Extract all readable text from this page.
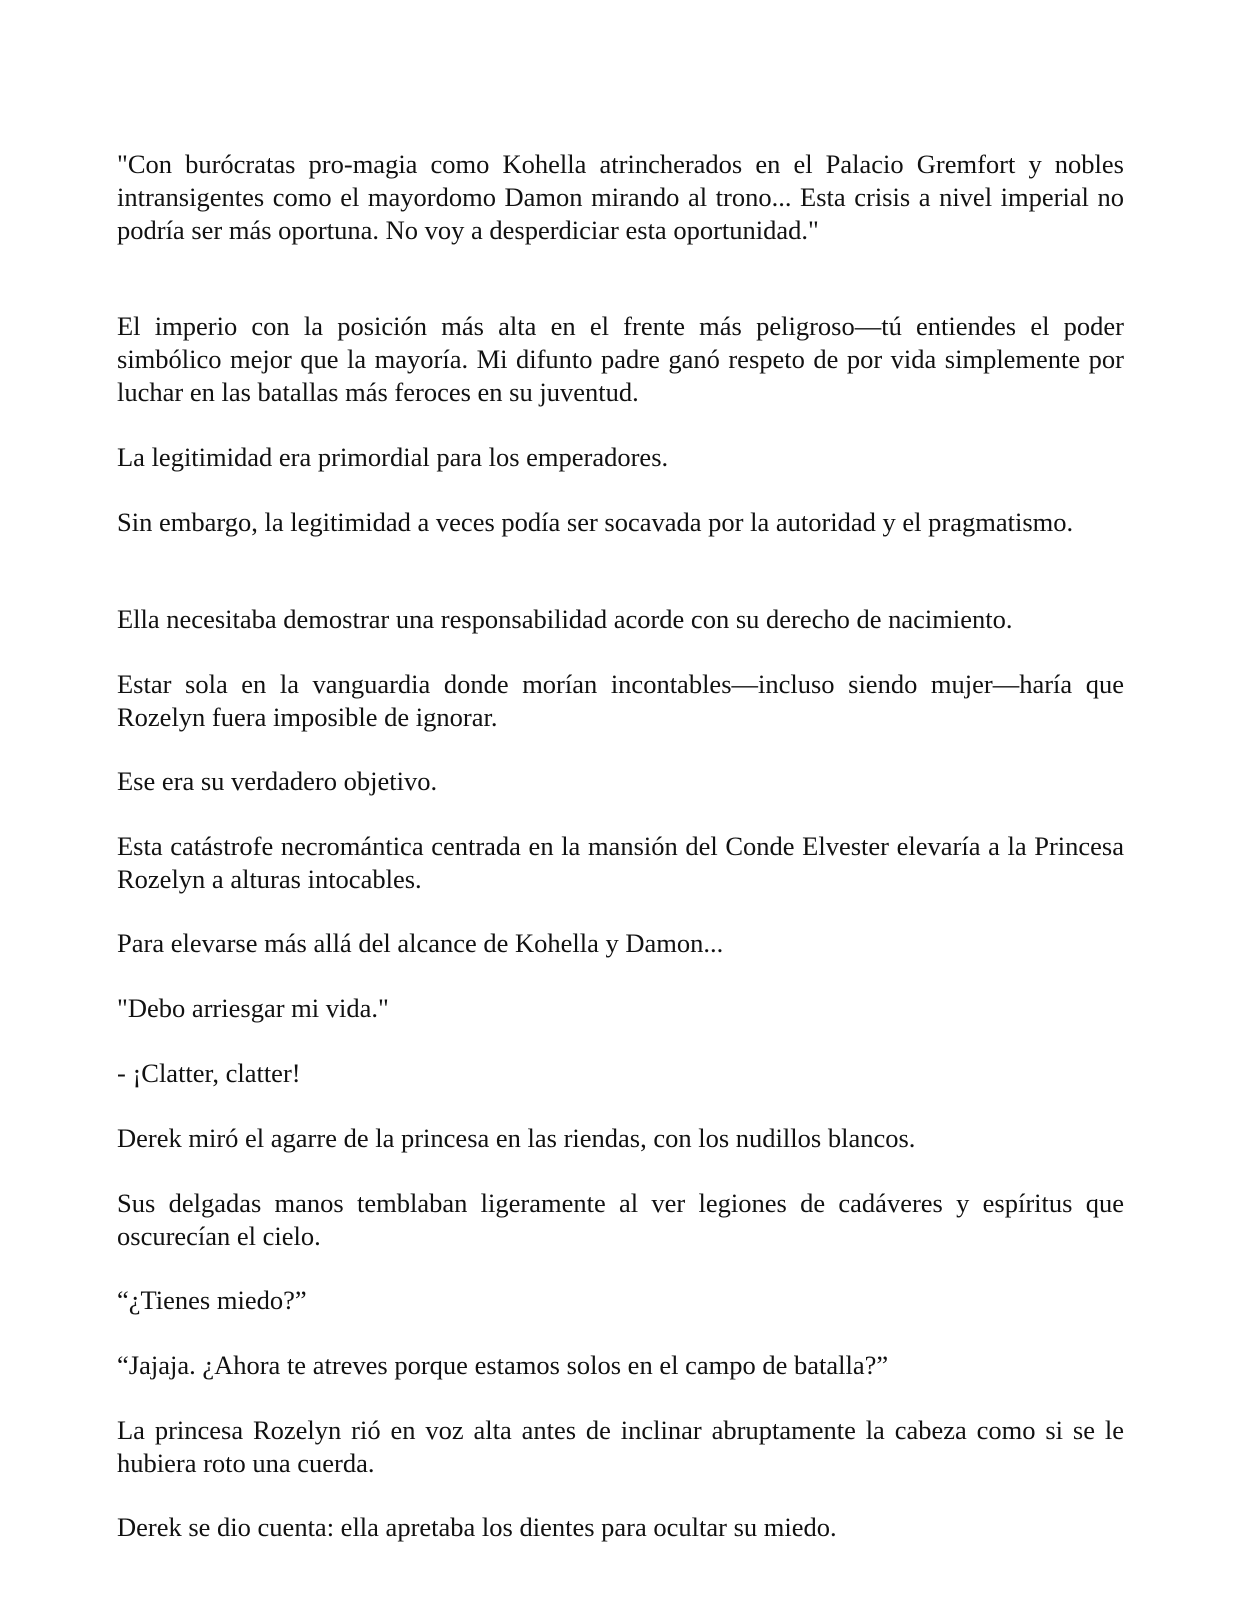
"Con burócratas pro-magia como Kohella atrincherados en el Palacio Gremfort y nobles intransigentes como el mayordomo Damon mirando al trono... Esta crisis a nivel imperial no podría ser más oportuna. No voy a desperdiciar esta oportunidad."

El imperio con la posición más alta en el frente más peligroso—tú entiendes el poder simbólico mejor que la mayoría. Mi difunto padre ganó respeto de por vida simplemente por luchar en las batallas más feroces en su juventud.

La legitimidad era primordial para los emperadores.

Sin embargo, la legitimidad a veces podía ser socavada por la autoridad y el pragmatismo.

Ella necesitaba demostrar una responsabilidad acorde con su derecho de nacimiento.

Estar sola en la vanguardia donde morían incontables—incluso siendo mujer—haría que Rozelyn fuera imposible de ignorar.

Ese era su verdadero objetivo.

Esta catástrofe necromántica centrada en la mansión del Conde Elvester elevaría a la Princesa Rozelyn a alturas intocables.

Para elevarse más allá del alcance de Kohella y Damon...

"Debo arriesgar mi vida."

- ¡Clatter, clatter!

Derek miró el agarre de la princesa en las riendas, con los nudillos blancos.

Sus delgadas manos temblaban ligeramente al ver legiones de cadáveres y espíritus que oscurecían el cielo.

“¿Tienes miedo?”

“Jajaja. ¿Ahora te atreves porque estamos solos en el campo de batalla?”

La princesa Rozelyn rió en voz alta antes de inclinar abruptamente la cabeza como si se le hubiera roto una cuerda.

Derek se dio cuenta: ella apretaba los dientes para ocultar su miedo.
